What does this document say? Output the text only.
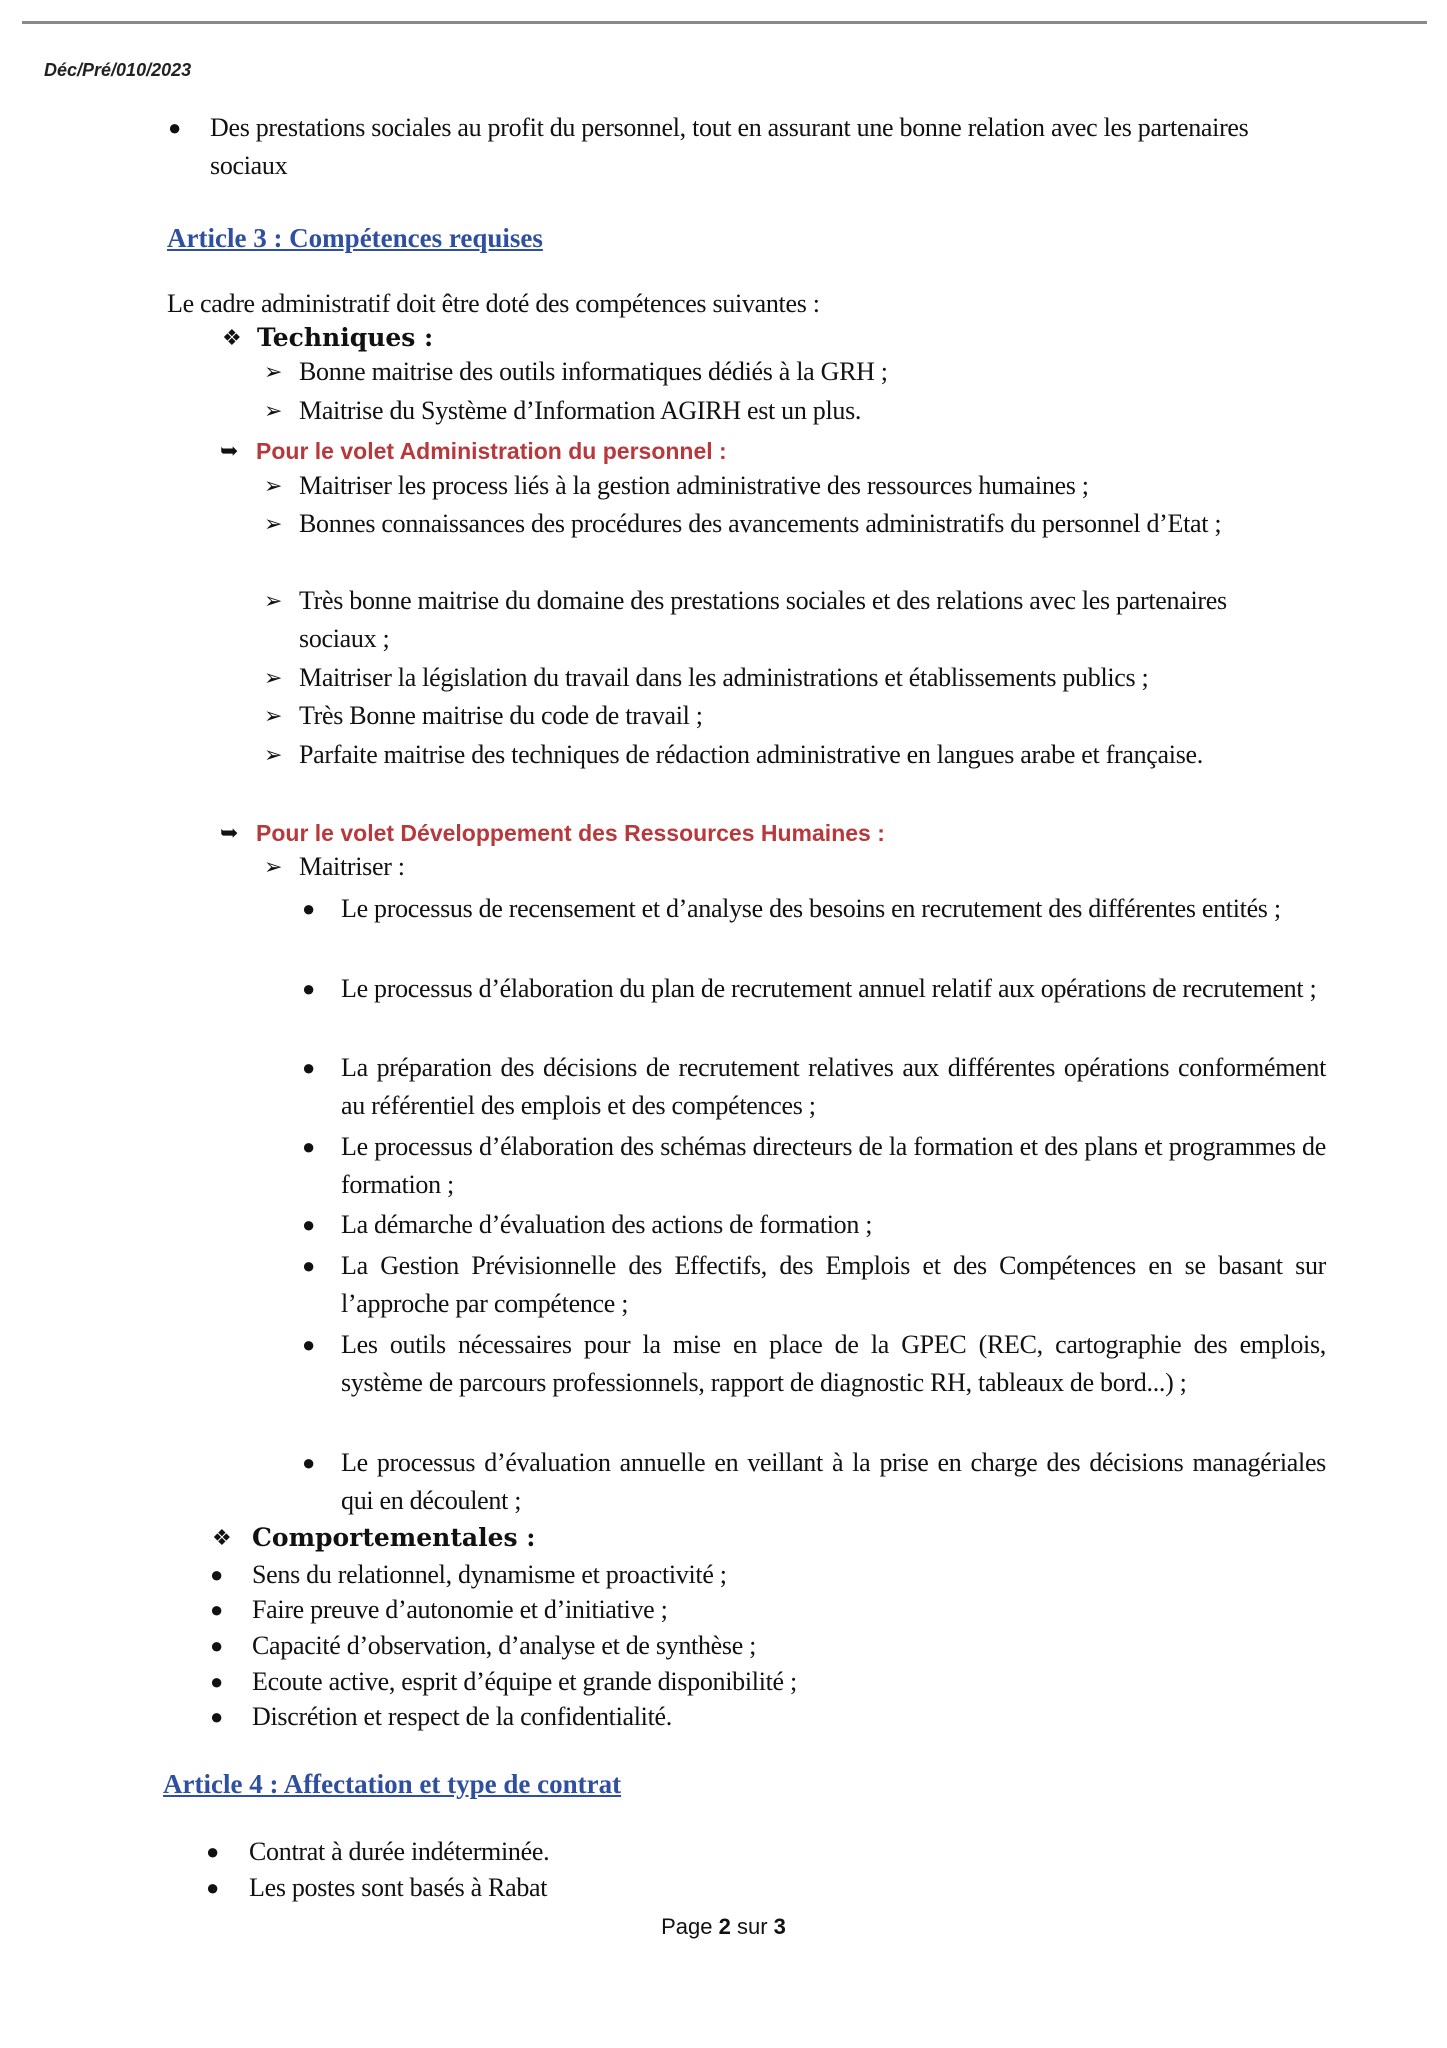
Déc/Pré/010/2023
● Des prestations sociales au profit du personnel, tout en assurant une bonne relation avec les partenaires sociaux
Article 3 : Compétences requises
Le cadre administratif doit être doté des compétences suivantes :
❖ Techniques :
➢ Bonne maitrise des outils informatiques dédiés à la GRH ;
➢ Maitrise du Système d’Information AGIRH est un plus.
➥ Pour le volet Administration du personnel :
➢ Maitriser les process liés à la gestion administrative des ressources humaines ;
➢ Bonnes connaissances des procédures des avancements administratifs du personnel d’Etat ;
➢ Très bonne maitrise du domaine des prestations sociales et des relations avec les partenaires sociaux ;
➢ Maitriser la législation du travail dans les administrations et établissements publics ;
➢ Très Bonne maitrise du code de travail ;
➢ Parfaite maitrise des techniques de rédaction administrative en langues arabe et française.
➥ Pour le volet Développement des Ressources Humaines :
➢ Maitriser :
● Le processus de recensement et d’analyse des besoins en recrutement des différentes entités ;
● Le processus d’élaboration du plan de recrutement annuel relatif aux opérations de recrutement ;
● La préparation des décisions de recrutement relatives aux différentes opérations conformément au référentiel des emplois et des compétences ;
● Le processus d’élaboration des schémas directeurs de la formation et des plans et programmes de formation ;
● La démarche d’évaluation des actions de formation ;
● La Gestion Prévisionnelle des Effectifs, des Emplois et des Compétences en se basant sur l’approche par compétence ;
● Les outils nécessaires pour la mise en place de la GPEC (REC, cartographie des emplois, système de parcours professionnels, rapport de diagnostic RH, tableaux de bord...) ;
● Le processus d’évaluation annuelle en veillant à la prise en charge des décisions managériales qui en découlent ;
❖ Comportementales :
● Sens du relationnel, dynamisme et proactivité ;
● Faire preuve d’autonomie et d’initiative ;
● Capacité d’observation, d’analyse et de synthèse ;
● Ecoute active, esprit d’équipe et grande disponibilité ;
● Discrétion et respect de la confidentialité.
Article 4 : Affectation et type de contrat
● Contrat à durée indéterminée.
● Les postes sont basés à Rabat
Page 2 sur 3
